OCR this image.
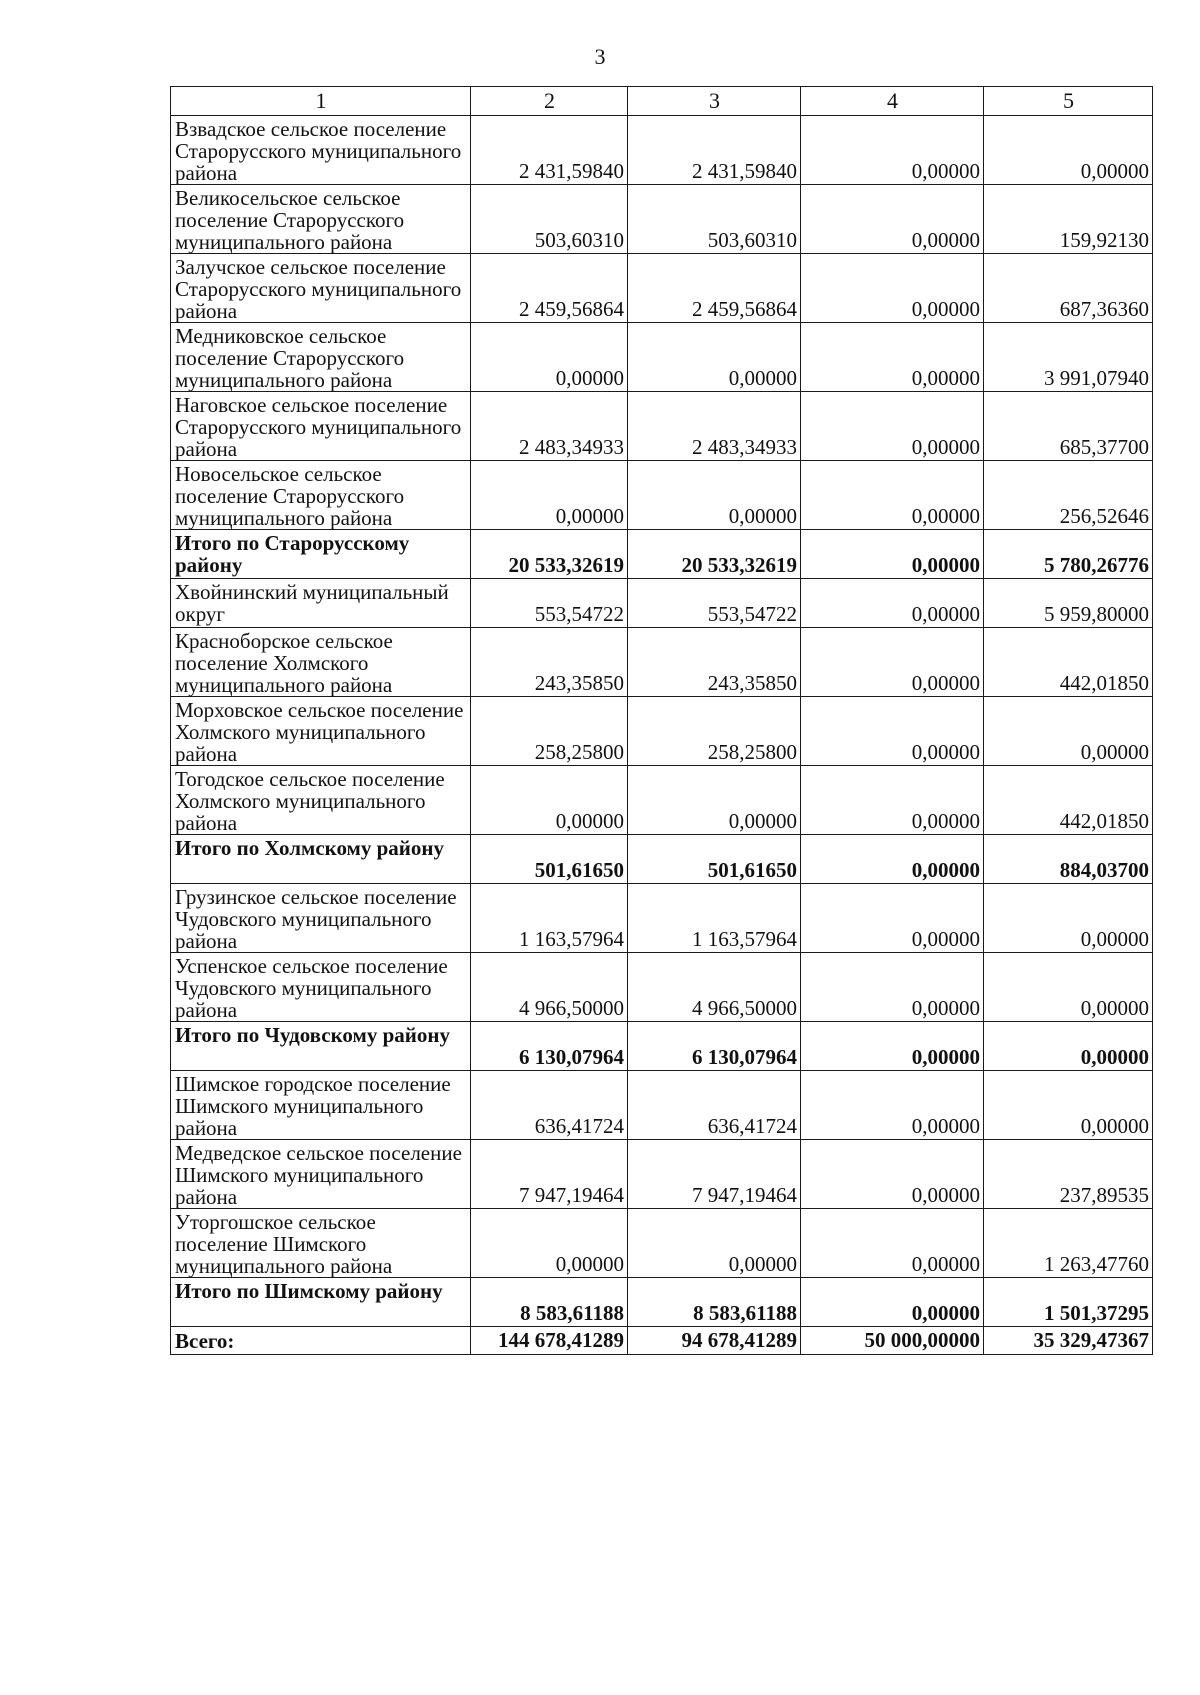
3
1	2	3	4	5
Взвадское сельское поселение Старорусского муниципального района	2 431,59840	2 431,59840	0,00000	0,00000
Великосельское сельское поселение Старорусского муниципального района	503,60310	503,60310	0,00000	159,92130
Залучское сельское поселение Старорусского муниципального района	2 459,56864	2 459,56864	0,00000	687,36360
Медниковское сельское поселение Старорусского муниципального района	0,00000	0,00000	0,00000	3 991,07940
Наговское сельское поселение Старорусского муниципального района	2 483,34933	2 483,34933	0,00000	685,37700
Новосельское сельское поселение Старорусского муниципального района	0,00000	0,00000	0,00000	256,52646
Итого по Старорусскому району	20 533,32619	20 533,32619	0,00000	5 780,26776
Хвойнинский муниципальный округ	553,54722	553,54722	0,00000	5 959,80000
Красноборское сельское поселение Холмского муниципального района	243,35850	243,35850	0,00000	442,01850
Морховское сельское поселение Холмского муниципального района	258,25800	258,25800	0,00000	0,00000
Тогодское сельское поселение Холмского муниципального района	0,00000	0,00000	0,00000	442,01850
Итого по Холмскому району	501,61650	501,61650	0,00000	884,03700
Грузинское сельское поселение Чудовского муниципального района	1 163,57964	1 163,57964	0,00000	0,00000
Успенское сельское поселение Чудовского муниципального района	4 966,50000	4 966,50000	0,00000	0,00000
Итого по Чудовскому району	6 130,07964	6 130,07964	0,00000	0,00000
Шимское городское поселение Шимского муниципального района	636,41724	636,41724	0,00000	0,00000
Медведское сельское поселение Шимского муниципального района	7 947,19464	7 947,19464	0,00000	237,89535
Уторгошское сельское поселение Шимского муниципального района	0,00000	0,00000	0,00000	1 263,47760
Итого по Шимскому району	8 583,61188	8 583,61188	0,00000	1 501,37295
Всего:	144 678,41289	94 678,41289	50 000,00000	35 329,47367
